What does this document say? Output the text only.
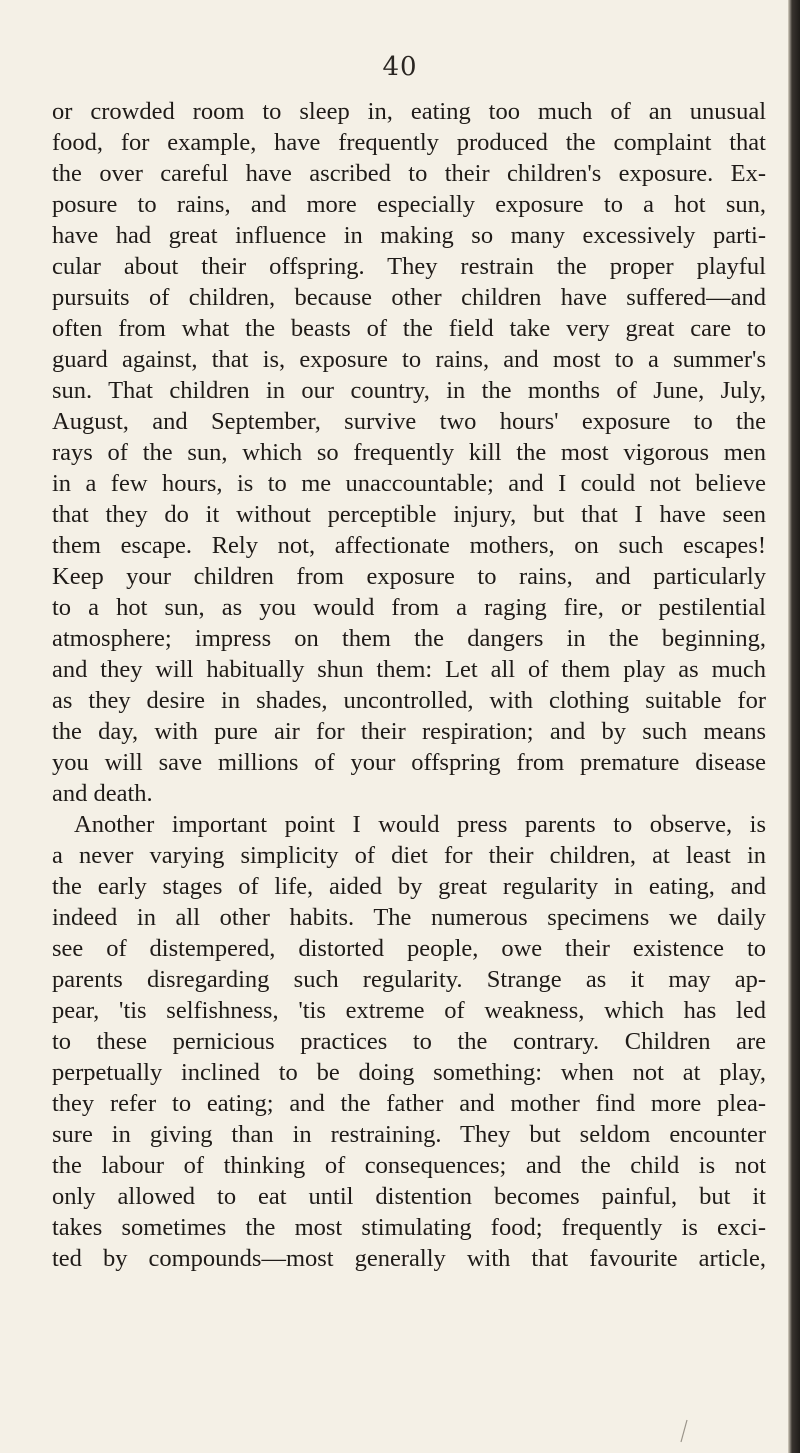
40
or crowded room to sleep in, eating too much of an unusual
food, for example, have frequently produced the complaint that
the over careful have ascribed to their children's exposure. Ex-
posure to rains, and more especially exposure to a hot sun,
have had great influence in making so many excessively parti-
cular about their offspring. They restrain the proper playful
pursuits of children, because other children have suffered—and
often from what the beasts of the field take very great care to
guard against, that is, exposure to rains, and most to a summer's
sun. That children in our country, in the months of June, July,
August, and September, survive two hours' exposure to the
rays of the sun, which so frequently kill the most vigorous men
in a few hours, is to me unaccountable; and I could not believe
that they do it without perceptible injury, but that I have seen
them escape. Rely not, affectionate mothers, on such escapes!
Keep your children from exposure to rains, and particularly
to a hot sun, as you would from a raging fire, or pestilential
atmosphere; impress on them the dangers in the beginning,
and they will habitually shun them: Let all of them play as much
as they desire in shades, uncontrolled, with clothing suitable for
the day, with pure air for their respiration; and by such means
you will save millions of your offspring from premature disease
and death.
Another important point I would press parents to observe, is
a never varying simplicity of diet for their children, at least in
the early stages of life, aided by great regularity in eating, and
indeed in all other habits. The numerous specimens we daily
see of distempered, distorted people, owe their existence to
parents disregarding such regularity. Strange as it may ap-
pear, 'tis selfishness, 'tis extreme of weakness, which has led
to these pernicious practices to the contrary. Children are
perpetually inclined to be doing something: when not at play,
they refer to eating; and the father and mother find more plea-
sure in giving than in restraining. They but seldom encounter
the labour of thinking of consequences; and the child is not
only allowed to eat until distention becomes painful, but it
takes sometimes the most stimulating food; frequently is exci-
ted by compounds—most generally with that favourite article,
